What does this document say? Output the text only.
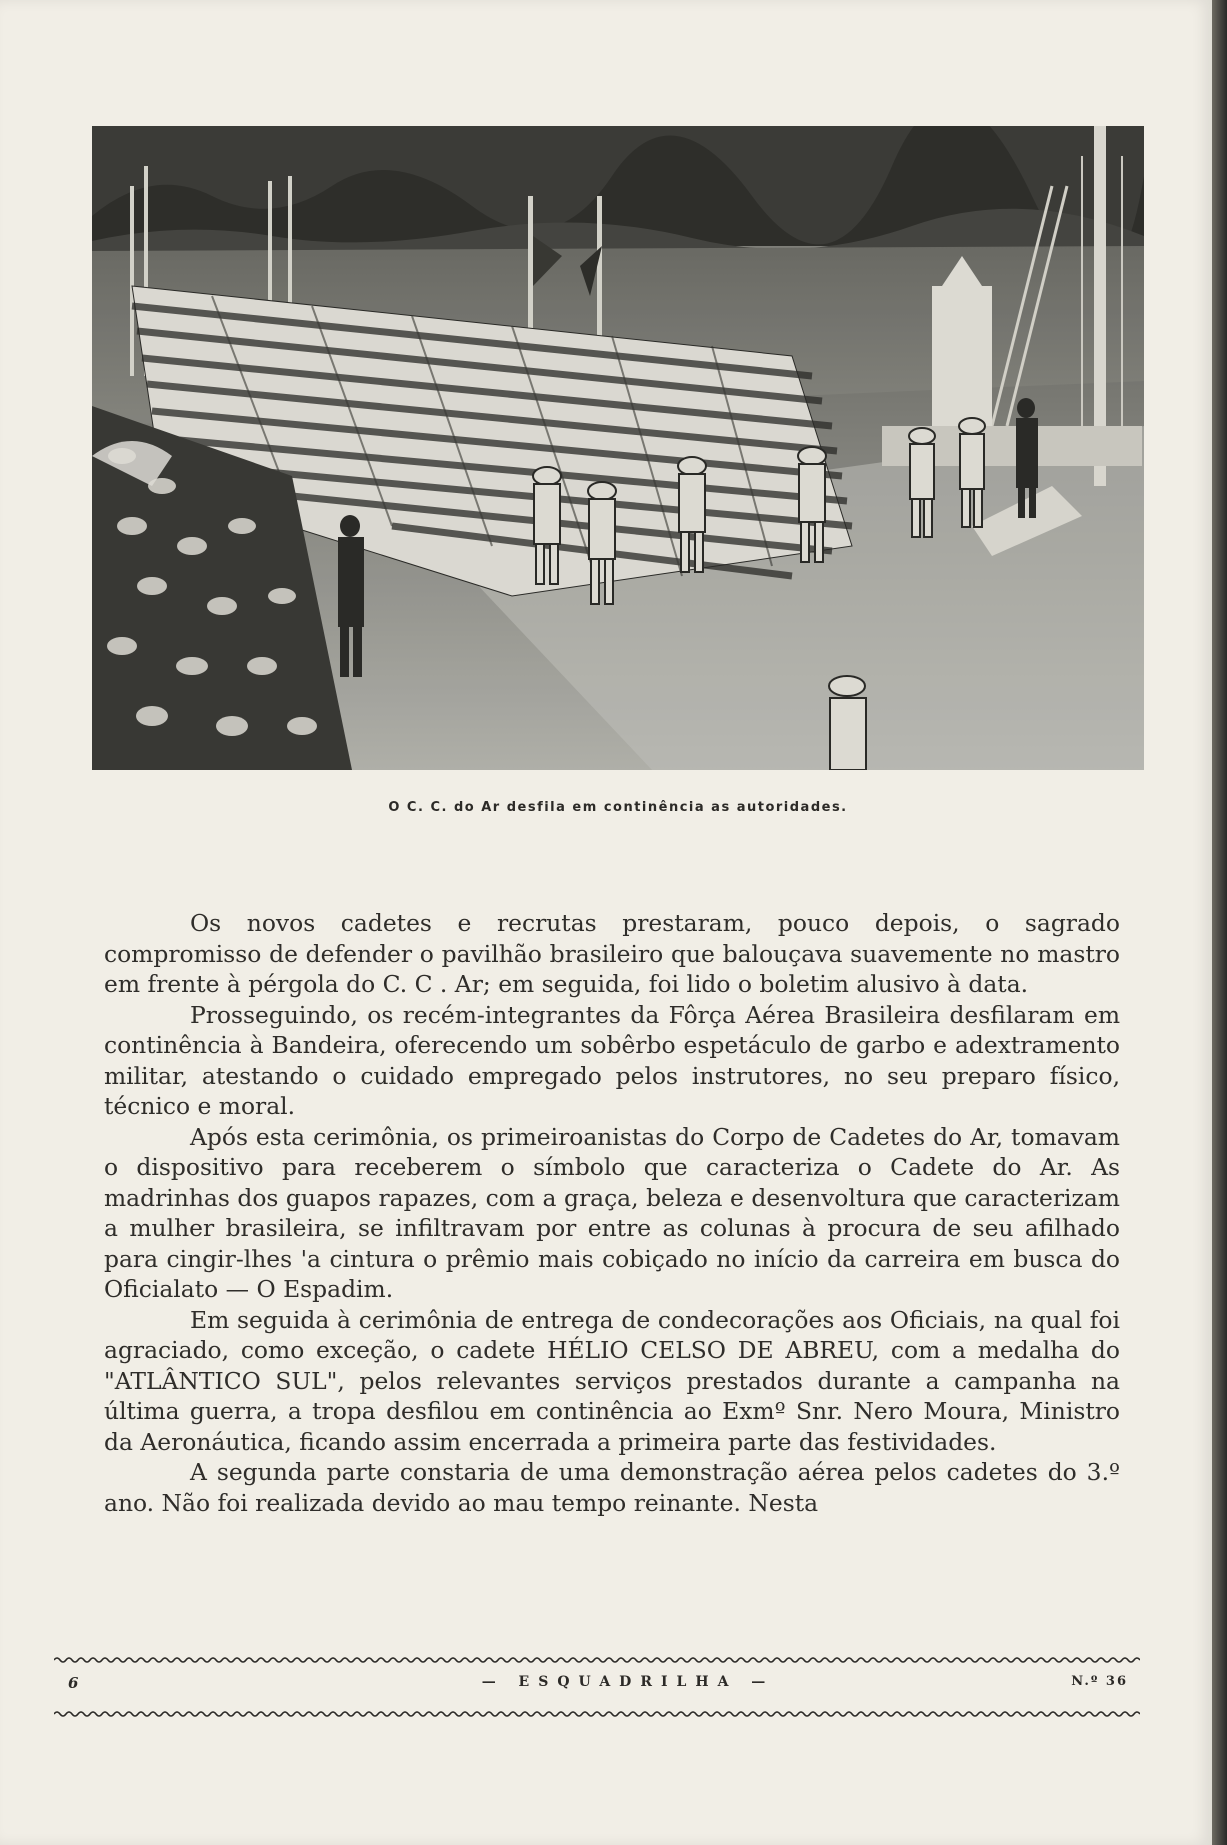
O C. C. do Ar desfila em continência as autoridades.

Os novos cadetes e recrutas prestaram, pouco depois, o sagrado compromisso de defender o pavilhão brasileiro que balouçava suavemente no mastro em frente à pérgola do C. C . Ar; em seguida, foi lido o boletim alusivo à data.

Prosseguindo, os recém-integrantes da Fôrça Aérea Brasileira desfilaram em continência à Bandeira, oferecendo um sobêrbo espetáculo de garbo e adextramento militar, atestando o cuidado empregado pelos instrutores, no seu preparo físico, técnico e moral.

Após esta cerimônia, os primeiroanistas do Corpo de Cadetes do Ar, tomavam o dispositivo para receberem o símbolo que caracteriza o Cadete do Ar. As madrinhas dos guapos rapazes, com a graça, beleza e desenvoltura que caracterizam a mulher brasileira, se infiltravam por entre as colunas à procura de seu afilhado para cingir-lhes 'a cintura o prêmio mais cobiçado no início da carreira em busca do Oficialato — O Espadim.

Em seguida à cerimônia de entrega de condecorações aos Oficiais, na qual foi agraciado, como exceção, o cadete HÉLIO CELSO DE ABREU, com a medalha do "ATLÂNTICO SUL", pelos relevantes serviços prestados durante a campanha na última guerra, a tropa desfilou em continência ao Exmº Snr. Nero Moura, Ministro da Aeronáutica, ficando assim encerrada a primeira parte das festividades.

A segunda parte constaria de uma demonstração aérea pelos cadetes do 3.º ano. Não foi realizada devido ao mau tempo reinante. Nesta

6	— ESQUADRILHA —	N.º 36
